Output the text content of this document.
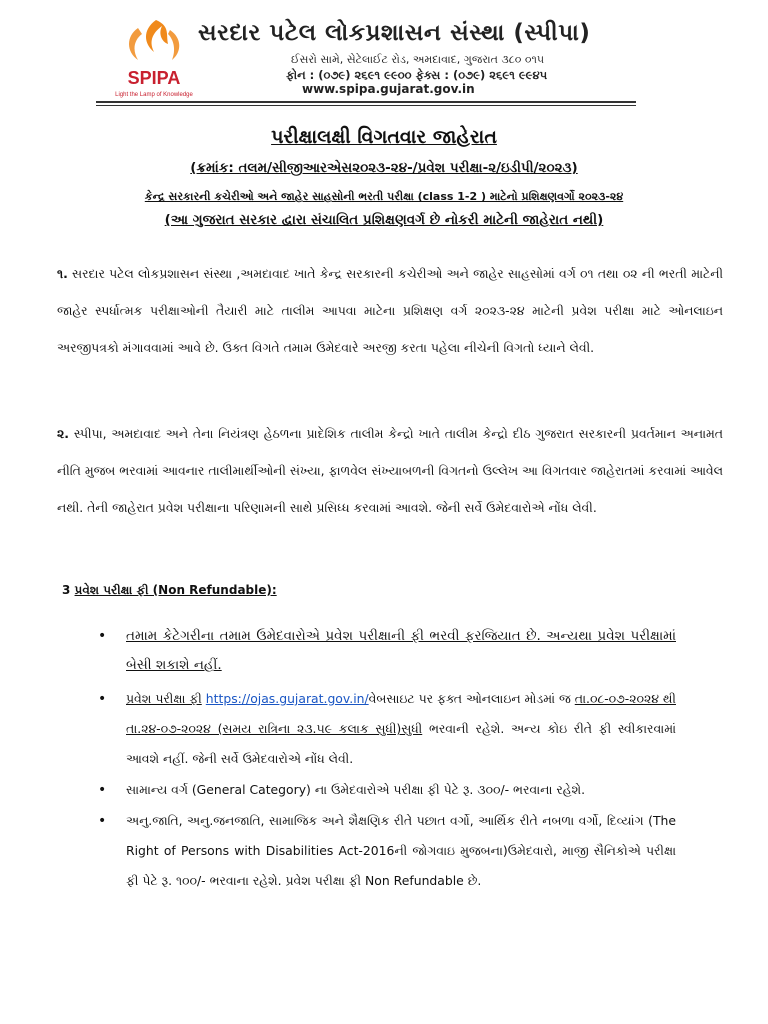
SPIPA
Light the Lamp of Knowledge
સરદાર પટેલ લોકપ્રશાસન સંસ્થા (સ્પીપા)
ઈસરો સામે, સેટેલાઈટ રોડ, અમદાવાદ, ગુજરાત ૩૮૦ ૦૧૫
ફોન : (૦૭૯) ૨૬૯૧ ૯૯૦૦ ફેક્સ : (૦૭૯) ૨૬૯૧ ૯૯૪૫
www.spipa.gujarat.gov.in
પરીક્ષાલક્ષી વિગતવાર જાહેરાત
(ક્રમાંક: તલમ/સીજીઆરએસ૨૦૨૩-૨૪-/પ્રવેશ પરીક્ષા-૨/ઇડીપી/૨૦૨૩)
કેન્દ્ર સરકારની કચેરીઓ અને જાહેર સાહસોની ભરતી પરીક્ષા (class 1-2 ) માટેનો પ્રશિક્ષણવર્ગો ૨૦૨૩-૨૪
(આ ગુજરાત સરકાર દ્વારા સંચાલિત પ્રશિક્ષણવર્ગ છે નોકરી માટેની જાહેરાત નથી)
૧. સરદાર પટેલ લોકપ્રશાસન સંસ્થા ,અમદાવાદ ખાતે કેન્દ્ર સરકારની કચેરીઓ અને જાહેર સાહસોમાં વર્ગ ૦૧ તથા ૦૨ ની ભરતી માટેની જાહેર સ્પર્ધાત્મક પરીક્ષાઓની તૈયારી માટે તાલીમ આપવા માટેના પ્રશિક્ષણ વર્ગ ૨૦૨૩-૨૪ માટેની પ્રવેશ પરીક્ષા માટે ઓનલાઇન અરજીપત્રકો મંગાવવામાં આવે છે. ઉક્ત વિગતે તમામ ઉમેદવારે અરજી કરતા પહેલા નીચેની વિગતો ધ્યાને લેવી.
૨. સ્પીપા, અમદાવાદ અને તેના નિયંત્રણ હેઠળના પ્રાદેશિક તાલીમ કેન્દ્રો ખાતે તાલીમ કેન્દ્રો દીઠ ગુજરાત સરકારની પ્રવર્તમાન અનામત નીતિ મુજબ ભરવામાં આવનાર તાલીમાર્થીઓની સંખ્યા, ફાળવેલ સંખ્યાબળની વિગતનો ઉલ્લેખ આ વિગતવાર જાહેરાતમાં કરવામાં આવેલ નથી. તેની જાહેરાત પ્રવેશ પરીક્ષાના પરિણામની સાથે પ્રસિધ્ધ કરવામાં આવશે. જેની સર્વે ઉમેદવારોએ નોંધ લેવી.
3 પ્રવેશ પરીક્ષા ફી (Non Refundable):
• તમામ કેટેગરીના તમામ ઉમેદવારોએ પ્રવેશ પરીક્ષાની ફી ભરવી ફરજિયાત છે. અન્યથા પ્રવેશ પરીક્ષામાં બેસી શકાશે નહીં.
• પ્રવેશ પરીક્ષા ફી https://ojas.gujarat.gov.in/વેબસાઇટ પર ફક્ત ઓનલાઇન મોડમાં જ તા.૦૮-૦૭-૨૦૨૪ થી તા.૨૪-૦૭-૨૦૨૪ (સમય રાત્રિના ૨૩.૫૯ કલાક સુધી)સુધી ભરવાની રહેશે. અન્ય કોઇ રીતે ફી સ્વીકારવામાં આવશે નહીં. જેની સર્વે ઉમેદવારોએ નોંધ લેવી.
• સામાન્ય વર્ગ (General Category) ના ઉમેદવારોએ પરીક્ષા ફી પેટે રૂ. ૩૦૦/- ભરવાના રહેશે.
• અનુ.જાતિ, અનુ.જનજાતિ, સામાજિક અને શૈક્ષણિક રીતે પછાત વર્ગો, આર્થિક રીતે નબળા વર્ગો, દિવ્યાંગ (The Right of Persons with Disabilities Act-2016ની જોગવાઇ મુજબના)ઉમેદવારો, માજી સૈનિકોએ પરીક્ષા ફી પેટે રૂ. ૧૦૦/- ભરવાના રહેશે. પ્રવેશ પરીક્ષા ફી Non Refundable છે.
